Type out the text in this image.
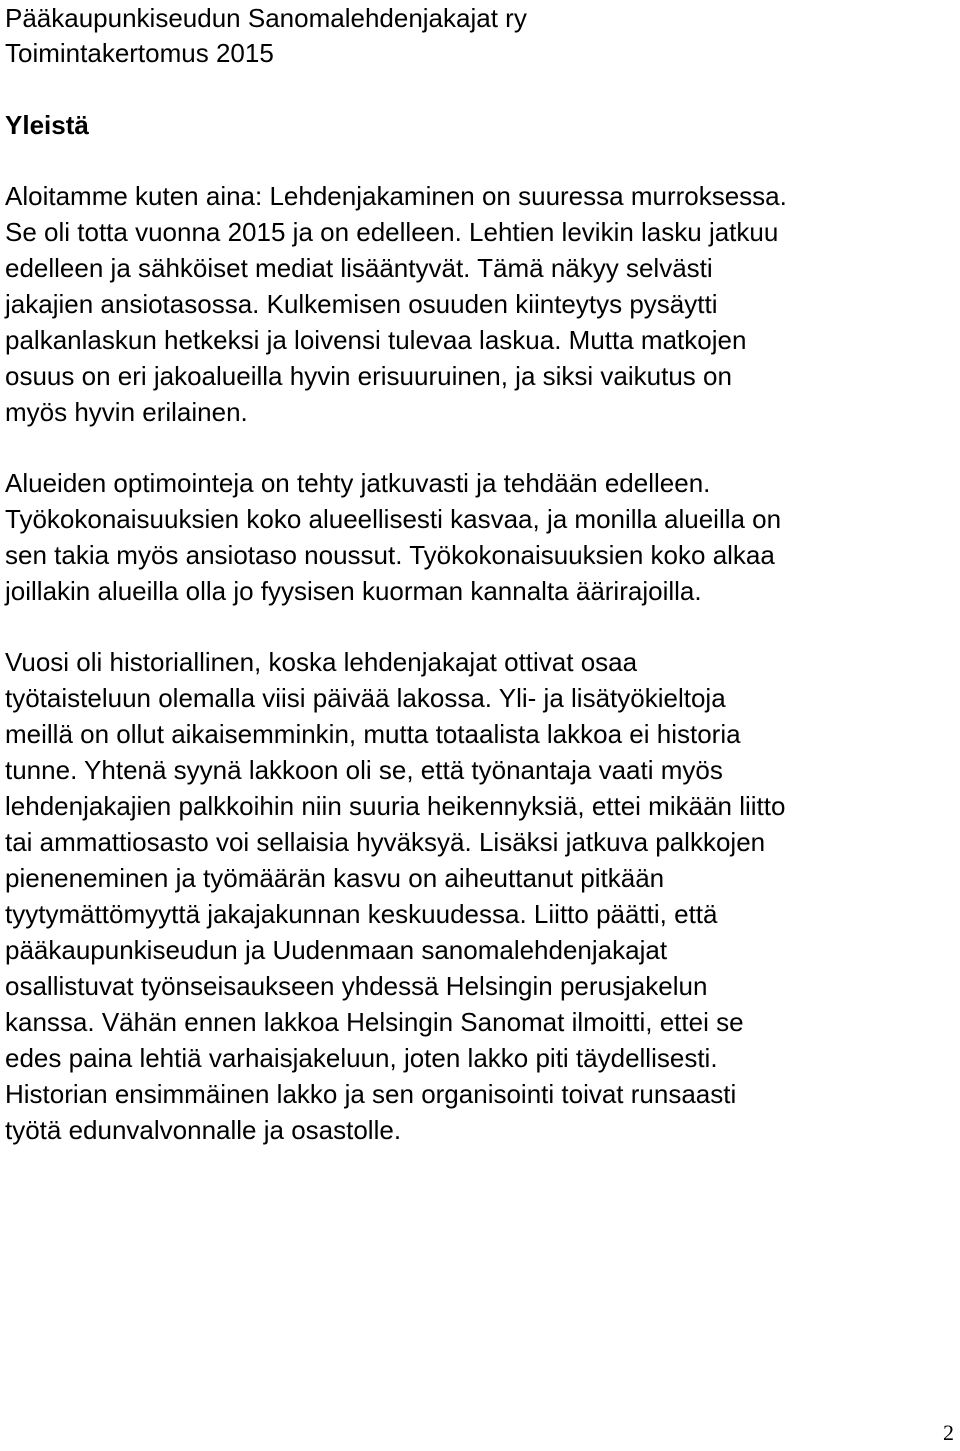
Pääkaupunkiseudun Sanomalehdenjakajat ry
Toimintakertomus 2015
Yleistä
Aloitamme kuten aina: Lehdenjakaminen on suuressa murroksessa.
Se oli totta vuonna 2015 ja on edelleen. Lehtien levikin lasku jatkuu
edelleen ja sähköiset mediat lisääntyvät. Tämä näkyy selvästi
jakajien ansiotasossa. Kulkemisen osuuden kiinteytys pysäytti
palkanlaskun hetkeksi ja loivensi tulevaa laskua. Mutta matkojen
osuus on eri jakoalueilla hyvin erisuuruinen, ja siksi vaikutus on
myös hyvin erilainen.
Alueiden optimointeja on tehty jatkuvasti ja tehdään edelleen.
Työkokonaisuuksien koko alueellisesti kasvaa, ja monilla alueilla on
sen takia myös ansiotaso noussut. Työkokonaisuuksien koko alkaa
joillakin alueilla olla jo fyysisen kuorman kannalta äärirajoilla.
Vuosi oli historiallinen, koska lehdenjakajat ottivat osaa
työtaisteluun olemalla viisi päivää lakossa. Yli- ja lisätyökieltoja
meillä on ollut aikaisemminkin, mutta totaalista lakkoa ei historia
tunne. Yhtenä syynä lakkoon oli se, että työnantaja vaati myös
lehdenjakajien palkkoihin niin suuria heikennyksiä, ettei mikään liitto
tai ammattiosasto voi sellaisia hyväksyä. Lisäksi jatkuva palkkojen
pieneneminen ja työmäärän kasvu on aiheuttanut pitkään
tyytymättömyyttä jakajakunnan keskuudessa. Liitto päätti, että
pääkaupunkiseudun ja Uudenmaan sanomalehdenjakajat
osallistuvat työnseisaukseen yhdessä Helsingin perusjakelun
kanssa. Vähän ennen lakkoa Helsingin Sanomat ilmoitti, ettei se
edes paina lehtiä varhaisjakeluun, joten lakko piti täydellisesti.
Historian ensimmäinen lakko ja sen organisointi toivat runsaasti
työtä edunvalvonnalle ja osastolle.
2
